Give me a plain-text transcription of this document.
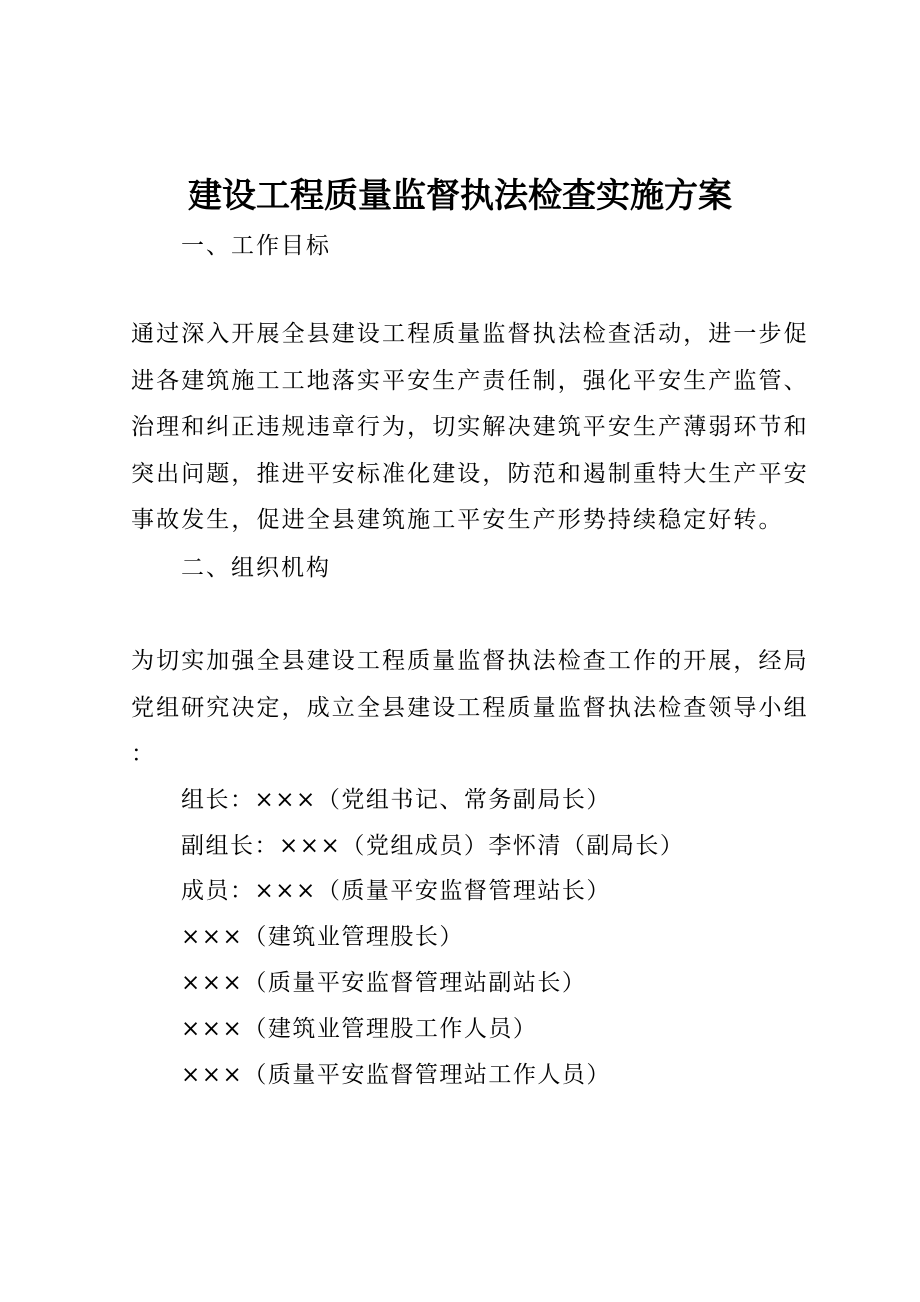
建设工程质量监督执法检查实施方案

一、工作目标

通过深入开展全县建设工程质量监督执法检查活动，进一步促
进各建筑施工工地落实平安生产责任制，强化平安生产监管、
治理和纠正违规违章行为，切实解决建筑平安生产薄弱环节和
突出问题，推进平安标准化建设，防范和遏制重特大生产平安
事故发生，促进全县建筑施工平安生产形势持续稳定好转。

二、组织机构

为切实加强全县建设工程质量监督执法检查工作的开展，经局
党组研究决定，成立全县建设工程质量监督执法检查领导小组
：

组长：×××（党组书记、常务副局长）

副组长：×××（党组成员）李怀清（副局长）

成员：×××（质量平安监督管理站长）

×××（建筑业管理股长）

×××（质量平安监督管理站副站长）

×××（建筑业管理股工作人员）

×××（质量平安监督管理站工作人员）
